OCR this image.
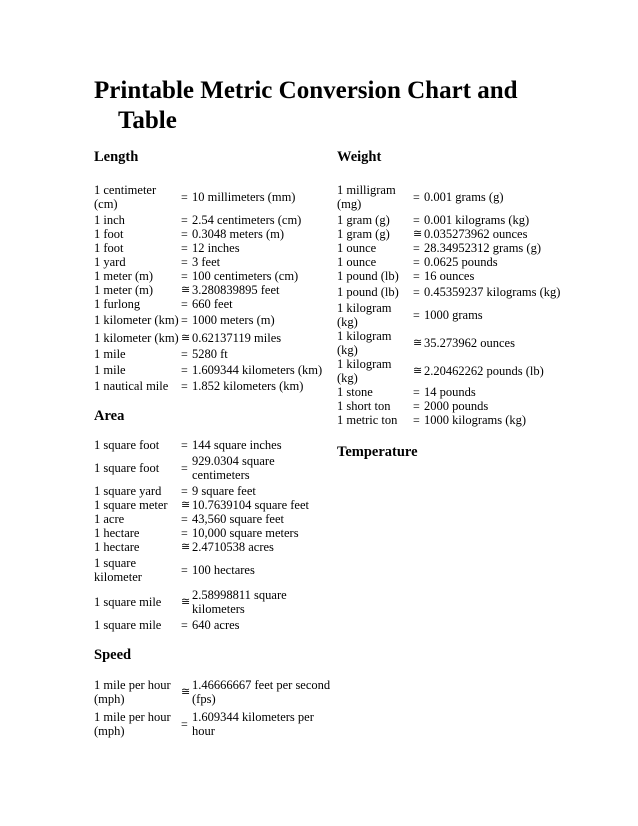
Printable Metric Conversion Chart and
Table
Length
1 centimeter (cm)	=	10 millimeters (mm)
1 inch	=	2.54 centimeters (cm)
1 foot	=	0.3048 meters (m)
1 foot	=	12 inches
1 yard	=	3 feet
1 meter (m)	=	100 centimeters (cm)
1 meter (m)	≅	3.280839895 feet
1 furlong	=	660 feet
1 kilometer (km)	=	1000 meters (m)
1 kilometer (km)	≅	0.62137119 miles
1 mile	=	5280 ft
1 mile	=	1.609344 kilometers (km)
1 nautical mile	=	1.852 kilometers (km)
Area
1 square foot	=	144 square inches
1 square foot	=	929.0304 square centimeters
1 square yard	=	9 square feet
1 square meter	≅	10.7639104 square feet
1 acre	=	43,560 square feet
1 hectare	=	10,000 square meters
1 hectare	≅	2.4710538 acres
1 square kilometer	=	100 hectares
1 square mile	≅	2.58998811 square kilometers
1 square mile	=	640 acres
Speed
1 mile per hour (mph)	≅	1.46666667 feet per second (fps)
1 mile per hour (mph)	=	1.609344 kilometers per hour
Weight
1 milligram (mg)	=	0.001 grams (g)
1 gram (g)	=	0.001 kilograms (kg)
1 gram (g)	≅	0.035273962 ounces
1 ounce	=	28.34952312 grams (g)
1 ounce	=	0.0625 pounds
1 pound (lb)	=	16 ounces
1 pound (lb)	=	0.45359237 kilograms (kg)
1 kilogram (kg)	=	1000 grams
1 kilogram (kg)	≅	35.273962 ounces
1 kilogram (kg)	≅	2.20462262 pounds (lb)
1 stone	=	14 pounds
1 short ton	=	2000 pounds
1 metric ton	=	1000 kilograms (kg)
Temperature
